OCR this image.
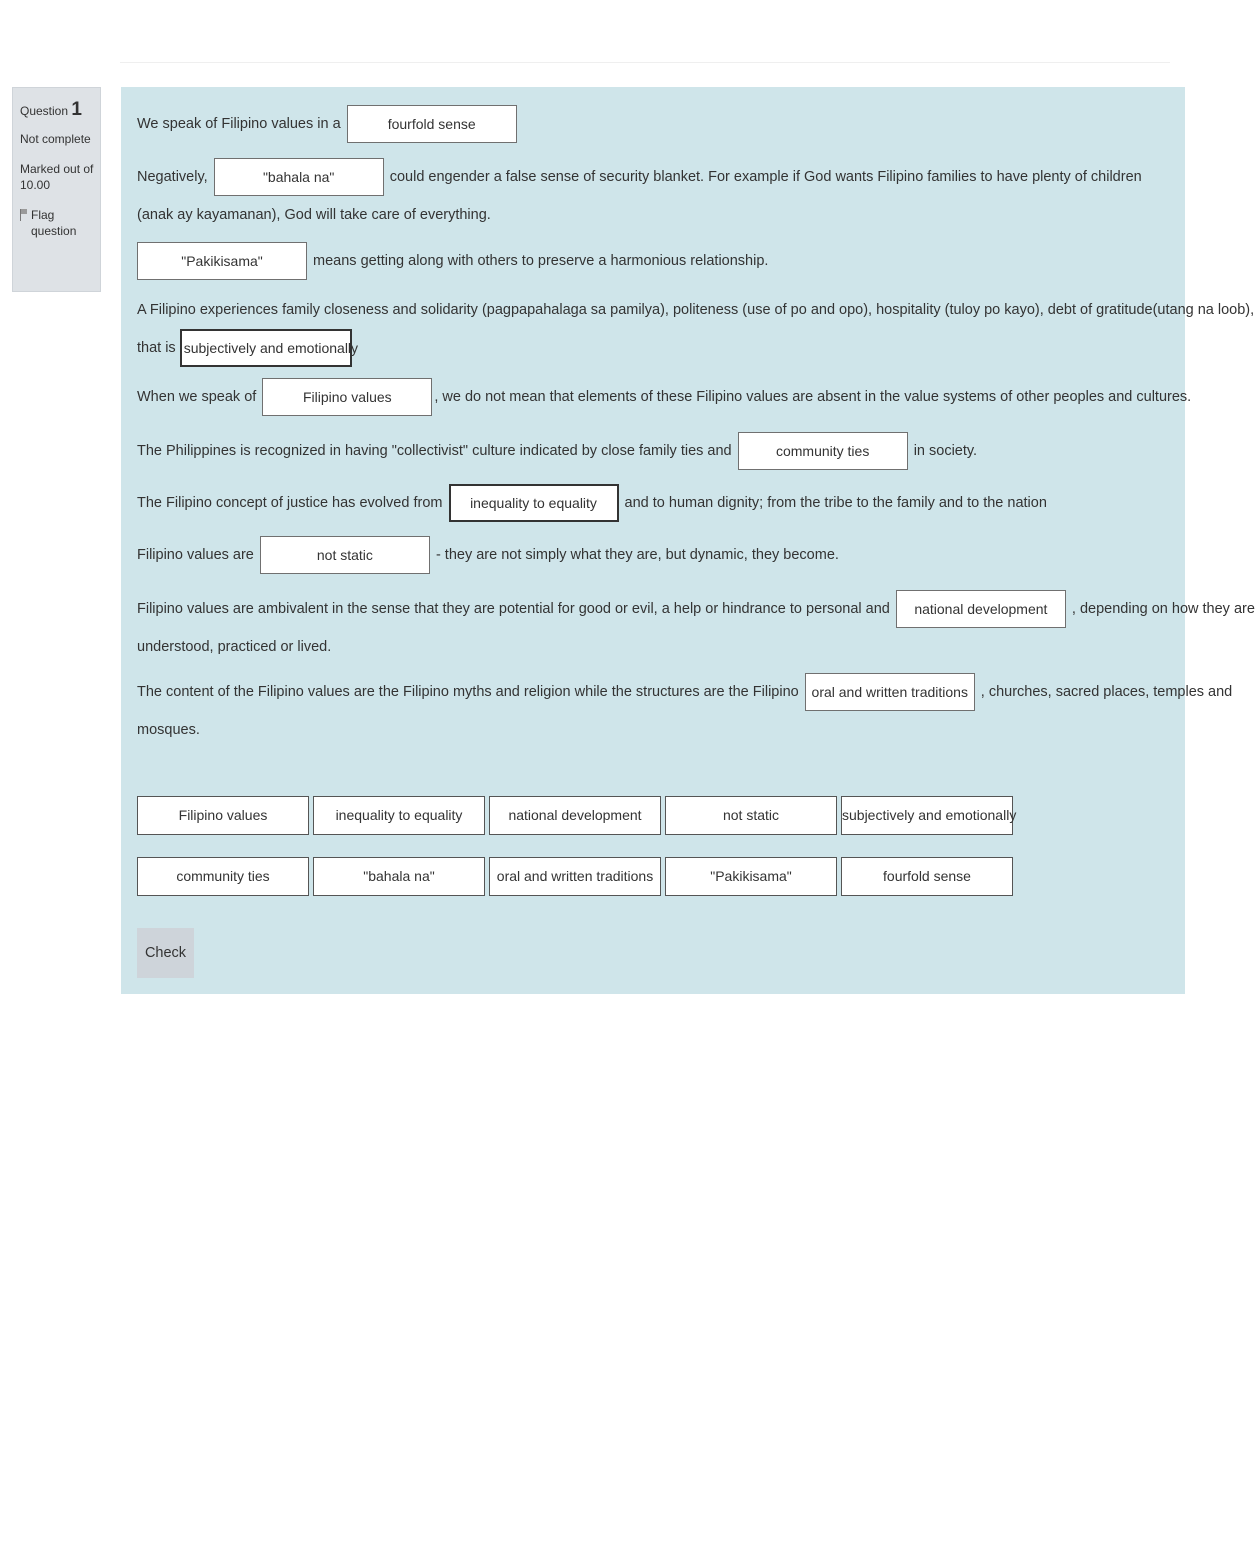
Question 1
Not complete
Marked out of 10.00
Flag question
We speak of Filipino values in a	fourfold sense
Negatively,	"bahala na"	could engender a false sense of security blanket. For example if God wants Filipino families to have plenty of children
(anak ay kayamanan), God will take care of everything.
"Pakikisama"	means getting along with others to preserve a harmonious relationship.
A Filipino experiences family closeness and solidarity (pagpapahalaga sa pamilya), politeness (use of po and opo), hospitality (tuloy po kayo), debt of gratitude(utang na loob),
that is subjectively and emotionally
When we speak of	Filipino values	, we do not mean that elements of these Filipino values are absent in the value systems of other peoples and cultures.
The Philippines is recognized in having "collectivist" culture indicated by close family ties and	community ties	in society.
The Filipino concept of justice has evolved from inequality to equality and to human dignity; from the tribe to the family and to the nation
Filipino values are	not static	- they are not simply what they are, but dynamic, they become.
Filipino values are ambivalent in the sense that they are potential for good or evil, a help or hindrance to personal and national development , depending on how they are
understood, practiced or lived.
The content of the Filipino values are the Filipino myths and religion while the structures are the Filipino oral and written traditions , churches, sacred places, temples and
mosques.
Filipino values	inequality to equality	national development	not static	subjectively and emotionally
community ties	"bahala na"	oral and written traditions	"Pakikisama"	fourfold sense
Check
